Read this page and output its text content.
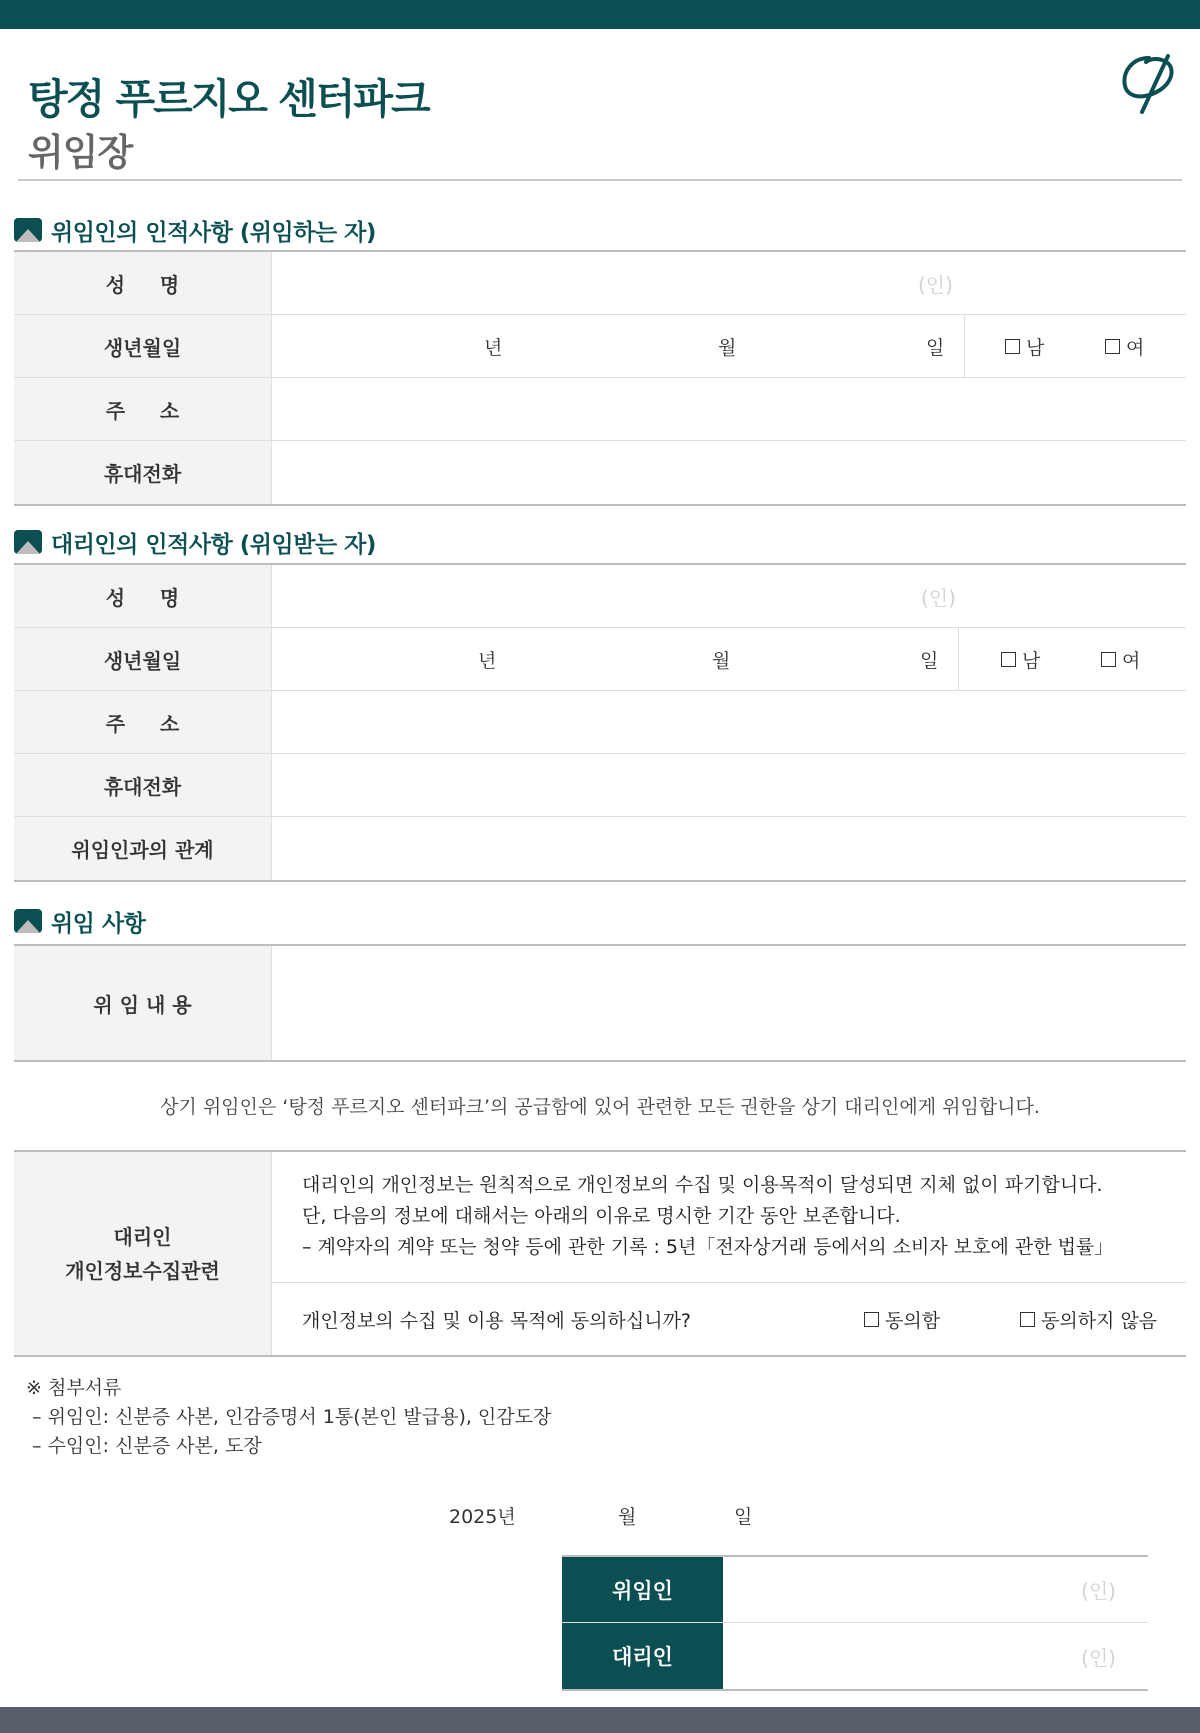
탕정 푸르지오 센터파크
위임장
위임인의 인적사항 (위임하는 자)
성     명	(인)
생년월일	년	월	일	남	여
주     소
휴대전화
대리인의 인적사항 (위임받는 자)
성     명	(인)
생년월일	년	월	일	남	여
주     소
휴대전화
위임인과의 관계
위임 사항
위 임 내 용
상기 위임인은 ‘탕정 푸르지오 센터파크’의 공급함에 있어 관련한 모든 권한을 상기 대리인에게 위임합니다.
대리인
개인정보수집관련
대리인의 개인정보는 원칙적으로 개인정보의 수집 및 이용목적이 달성되면 지체 없이 파기합니다.
단, 다음의 정보에 대해서는 아래의 이유로 명시한 기간 동안 보존합니다.
– 계약자의 계약 또는 청약 등에 관한 기록 : 5년「전자상거래 등에서의 소비자 보호에 관한 법률」
개인정보의 수집 및 이용 목적에 동의하십니까?	동의함	동의하지 않음
※ 첨부서류
– 위임인: 신분증 사본, 인감증명서 1통(본인 발급용), 인감도장
– 수임인: 신분증 사본, 도장
2025년	월	일
위임인	(인)
대리인	(인)
